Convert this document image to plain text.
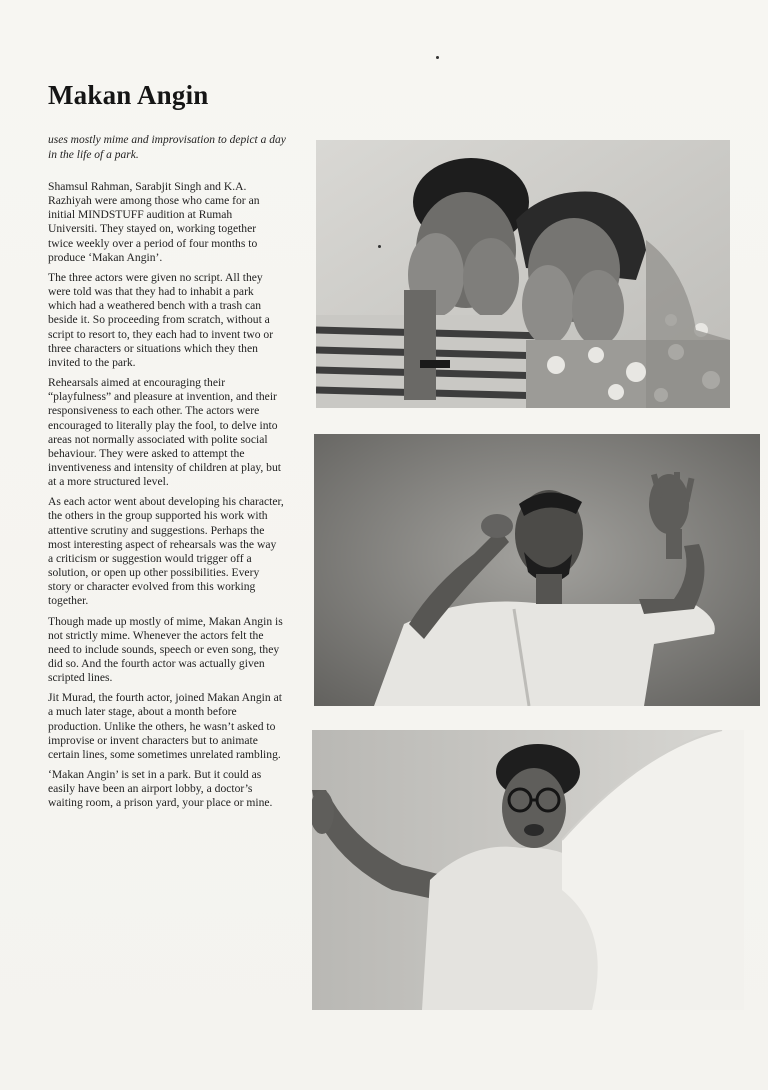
Makan Angin

uses mostly mime and improvisation to depict a day in the life of a park.

Shamsul Rahman, Sarabjit Singh and K.A. Razhiyah were among those who came for an initial MINDSTUFF audition at Rumah Universiti. They stayed on, working together twice weekly over a period of four months to produce ‘Makan Angin’.

The three actors were given no script. All they were told was that they had to inhabit a park which had a weathered bench with a trash can beside it. So proceeding from scratch, without a script to resort to, they each had to invent two or three characters or situations which they then invited to the park.

Rehearsals aimed at encouraging their “playfulness” and pleasure at invention, and their responsiveness to each other. The actors were encouraged to literally play the fool, to delve into areas not normally associated with polite social behaviour. They were asked to attempt the inventiveness and intensity of children at play, but at a more structured level.

As each actor went about developing his character, the others in the group supported his work with attentive scrutiny and suggestions. Perhaps the most interesting aspect of rehearsals was the way a criticism or suggestion would trigger off a solution, or open up other possibilities. Every story or character evolved from this working together.

Though made up mostly of mime, Makan Angin is not strictly mime. Whenever the actors felt the need to include sounds, speech or even song, they did so. And the fourth actor was actually given scripted lines.

Jit Murad, the fourth actor, joined Makan Angin at a much later stage, about a month before production. Unlike the others, he wasn’t asked to improvise or invent characters but to animate certain lines, some sometimes unrelated rambling.

‘Makan Angin’ is set in a park. But it could as easily have been an airport lobby, a doctor’s waiting room, a prison yard, your place or mine.
